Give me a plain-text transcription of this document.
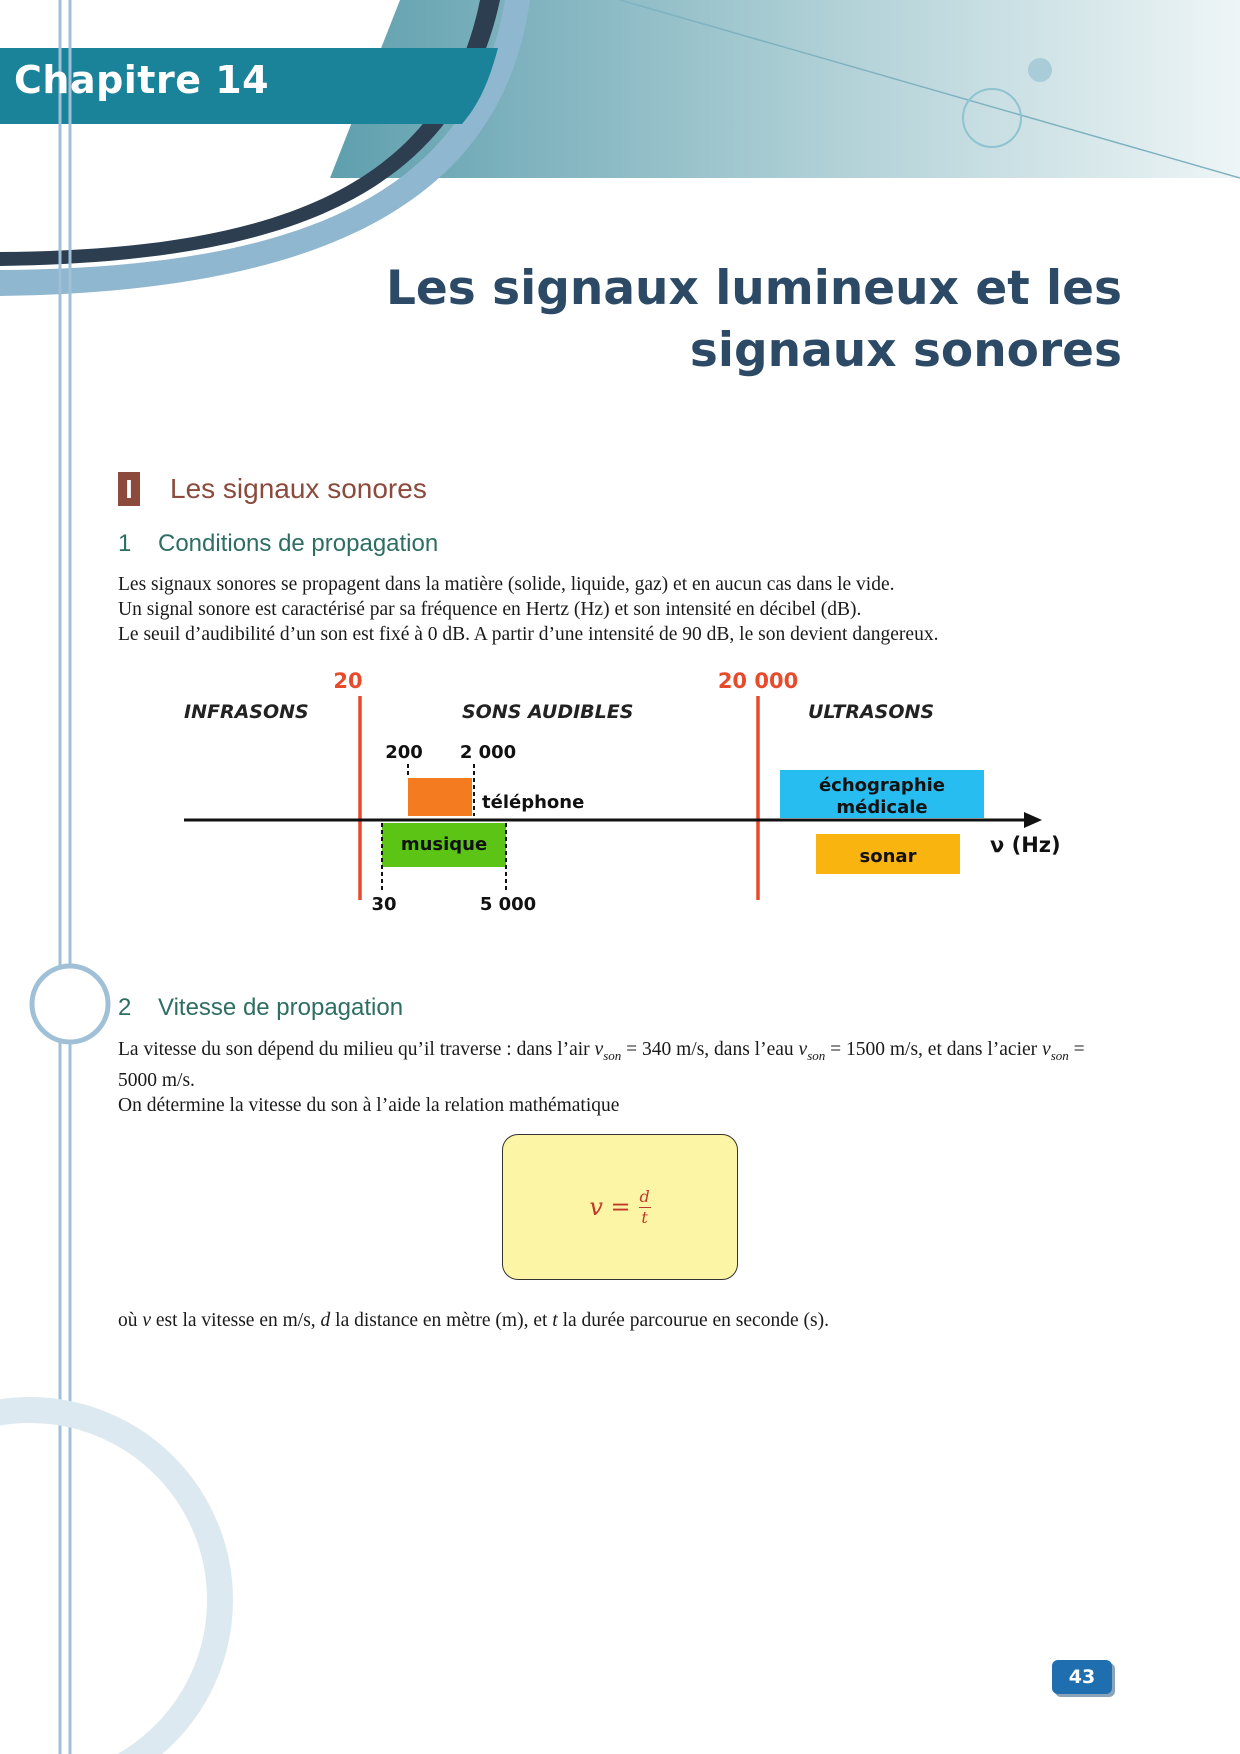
Chapitre 14
Les signaux lumineux et les
signaux sonores
I Les signaux sonores
1 Conditions de propagation

Les signaux sonores se propagent dans la matière (solide, liquide, gaz) et en aucun cas dans le vide.

Un signal sonore est caractérisé par sa fréquence en Hertz (Hz) et son intensité en décibel (dB).

Le seuil d’audibilité d’un son est fixé à 0 dB. A partir d’une intensité de 90 dB, le son devient dangereux.

INFRASONS	SONS AUDIBLES	ULTRASONS
20	20 000
ν (Hz)
200 2 000
téléphone
musique
30	5 000
échographie
médicale
sonar
2 Vitesse de propagation

La vitesse du son dépend du milieu qu’il traverse : dans l’air $v_{son} = 340$ m/s, dans l’eau $v_{son} = 1500$ m/s, et dans l’acier $v_{son} = 5000$ m/s.

On détermine la vitesse du son à l’aide la relation mathématique

$v = \frac{d}{t}$

où v est la vitesse en m/s, d la distance en mètre (m), et t la durée parcourue en seconde (s).

43
